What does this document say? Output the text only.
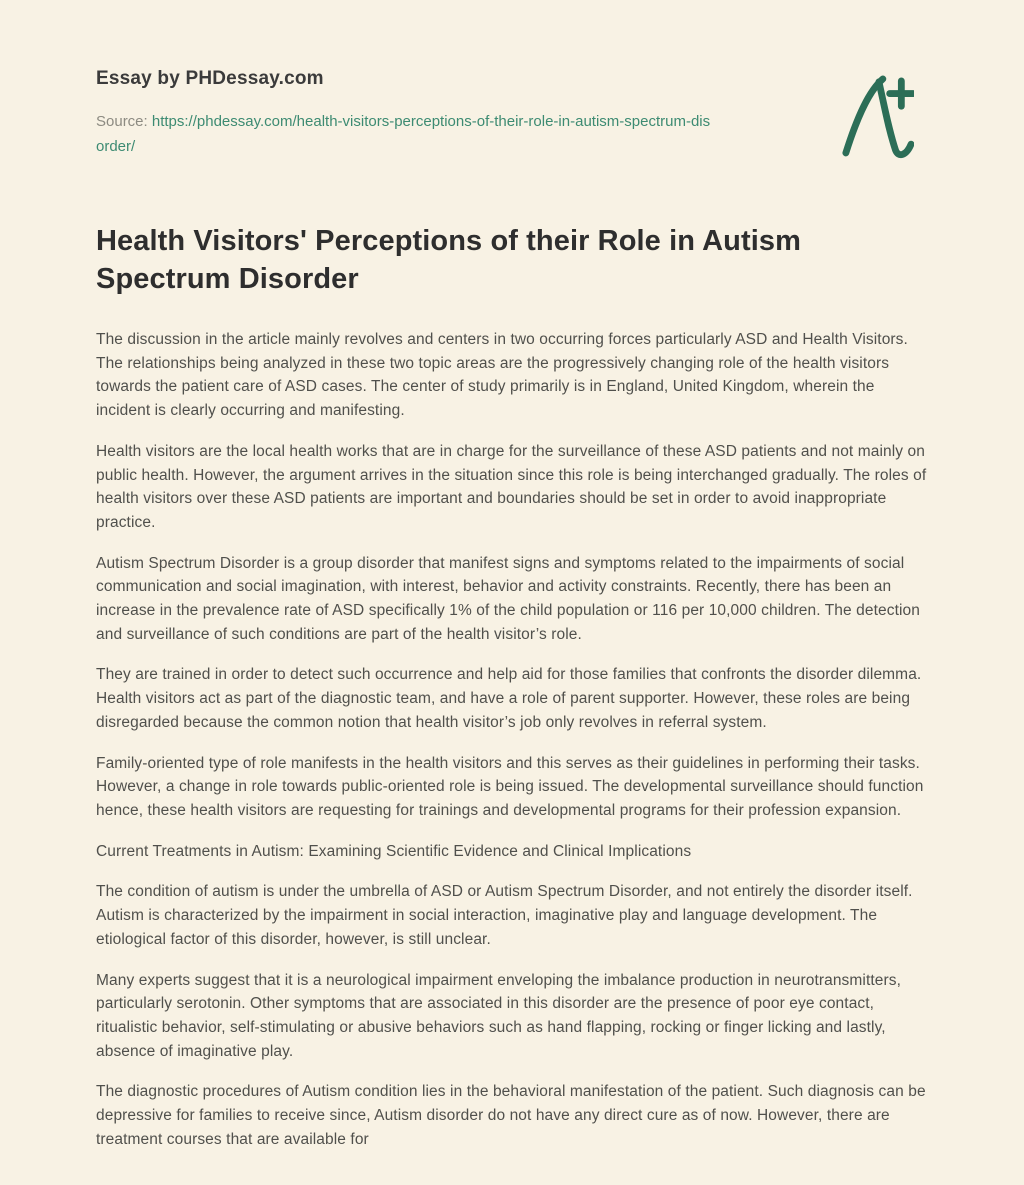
Essay by PHDessay.com
Source: https://phdessay.com/health-visitors-perceptions-of-their-role-in-autism-spectrum-disorder/
Health Visitors' Perceptions of their Role in Autism Spectrum Disorder

The discussion in the article mainly revolves and centers in two occurring forces particularly ASD and Health Visitors. The relationships being analyzed in these two topic areas are the progressively changing role of the health visitors towards the patient care of ASD cases. The center of study primarily is in England, United Kingdom, wherein the incident is clearly occurring and manifesting.

Health visitors are the local health works that are in charge for the surveillance of these ASD patients and not mainly on public health. However, the argument arrives in the situation since this role is being interchanged gradually. The roles of health visitors over these ASD patients are important and boundaries should be set in order to avoid inappropriate practice.

Autism Spectrum Disorder is a group disorder that manifest signs and symptoms related to the impairments of social communication and social imagination, with interest, behavior and activity constraints. Recently, there has been an increase in the prevalence rate of ASD specifically 1% of the child population or 116 per 10,000 children. The detection and surveillance of such conditions are part of the health visitor’s role.

They are trained in order to detect such occurrence and help aid for those families that confronts the disorder dilemma. Health visitors act as part of the diagnostic team, and have a role of parent supporter. However, these roles are being disregarded because the common notion that health visitor’s job only revolves in referral system.

Family-oriented type of role manifests in the health visitors and this serves as their guidelines in performing their tasks. However, a change in role towards public-oriented role is being issued. The developmental surveillance should function hence, these health visitors are requesting for trainings and developmental programs for their profession expansion.

Current Treatments in Autism: Examining Scientific Evidence and Clinical Implications

The condition of autism is under the umbrella of ASD or Autism Spectrum Disorder, and not entirely the disorder itself. Autism is characterized by the impairment in social interaction, imaginative play and language development. The etiological factor of this disorder, however, is still unclear.

Many experts suggest that it is a neurological impairment enveloping the imbalance production in neurotransmitters, particularly serotonin. Other symptoms that are associated in this disorder are the presence of poor eye contact, ritualistic behavior, self-stimulating or abusive behaviors such as hand flapping, rocking or finger licking and lastly, absence of imaginative play.

The diagnostic procedures of Autism condition lies in the behavioral manifestation of the patient. Such diagnosis can be depressive for families to receive since, Autism disorder do not have any direct cure as of now. However, there are treatment courses that are available for
